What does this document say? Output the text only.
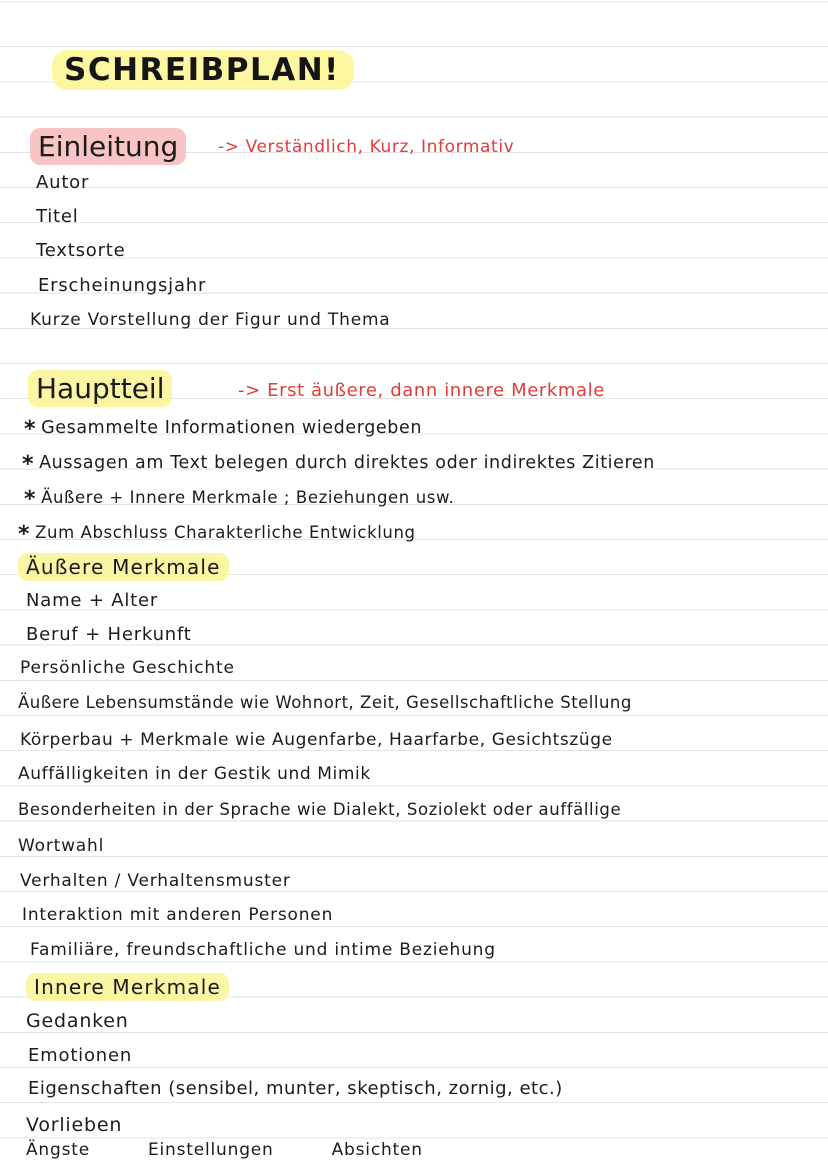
SCHREIBPLAN!
Einleitung	-> Verständlich, Kurz, Informativ
Autor
Titel
Textsorte
Erscheinungsjahr
Kurze Vorstellung der Figur und Thema
Hauptteil	-> Erst äußere, dann innere Merkmale
* Gesammelte Informationen wiedergeben
* Aussagen am Text belegen durch direktes oder indirektes Zitieren
* Äußere + Innere Merkmale ; Beziehungen usw.
* Zum Abschluss Charakterliche Entwicklung
Äußere Merkmale
Name + Alter
Beruf + Herkunft
Persönliche Geschichte
Äußere Lebensumstände wie Wohnort, Zeit, Gesellschaftliche Stellung
Körperbau + Merkmale wie Augenfarbe, Haarfarbe, Gesichtszüge
Auffälligkeiten in der Gestik und Mimik
Besonderheiten in der Sprache wie Dialekt, Soziolekt oder auffällige
Wortwahl
Verhalten / Verhaltensmuster
Interaktion mit anderen Personen
Familiäre, freundschaftliche und intime Beziehung
Innere Merkmale
Gedanken
Emotionen
Eigenschaften (sensibel, munter, skeptisch, zornig, etc.)
Vorlieben
Ängste	Einstellungen	Absichten
